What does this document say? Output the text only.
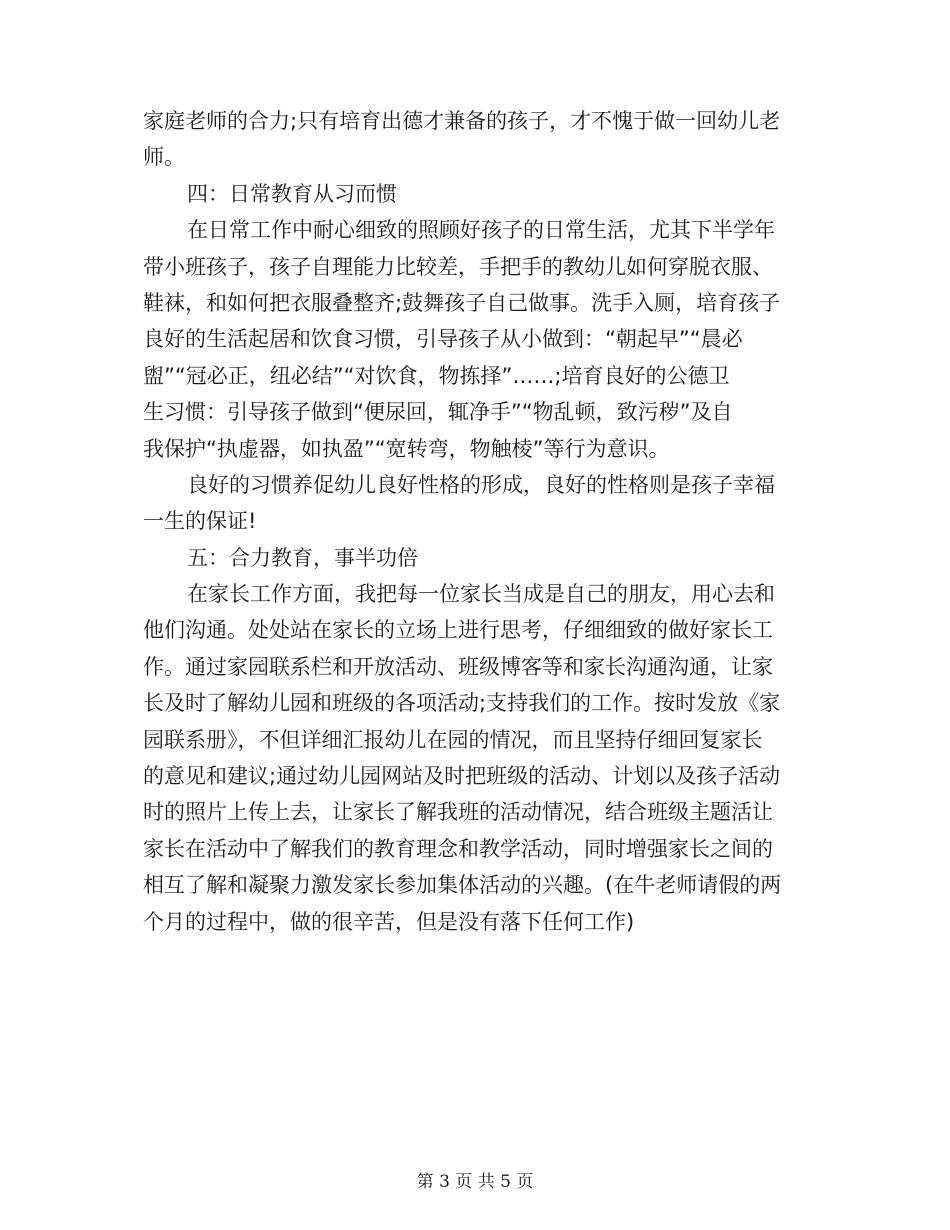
家庭老师的合力;只有培育出德才兼备的孩子，才不愧于做一回幼儿老
师。
四：日常教育从习而惯
在日常工作中耐心细致的照顾好孩子的日常生活，尤其下半学年
带小班孩子，孩子自理能力比较差，手把手的教幼儿如何穿脱衣服、
鞋袜，和如何把衣服叠整齐;鼓舞孩子自己做事。洗手入厕，培育孩子
良好的生活起居和饮食习惯，引导孩子从小做到：“朝起早”“晨必
盥”“冠必正，纽必结”“对饮食，物拣择”……;培育良好的公德卫
生习惯：引导孩子做到“便尿回，辄净手”“物乱顿，致污秽”及自
我保护“执虚器，如执盈”“宽转弯，物触棱”等行为意识。
良好的习惯养促幼儿良好性格的形成，良好的性格则是孩子幸福
一生的保证!
五：合力教育，事半功倍
在家长工作方面，我把每一位家长当成是自己的朋友，用心去和
他们沟通。处处站在家长的立场上进行思考，仔细细致的做好家长工
作。通过家园联系栏和开放活动、班级博客等和家长沟通沟通，让家
长及时了解幼儿园和班级的各项活动;支持我们的工作。按时发放《家
园联系册》，不但详细汇报幼儿在园的情况，而且坚持仔细回复家长
的意见和建议;通过幼儿园网站及时把班级的活动、计划以及孩子活动
时的照片上传上去，让家长了解我班的活动情况，结合班级主题活让
家长在活动中了解我们的教育理念和教学活动，同时增强家长之间的
相互了解和凝聚力激发家长参加集体活动的兴趣。(在牛老师请假的两
个月的过程中，做的很辛苦，但是没有落下任何工作)
第 3 页 共 5 页
